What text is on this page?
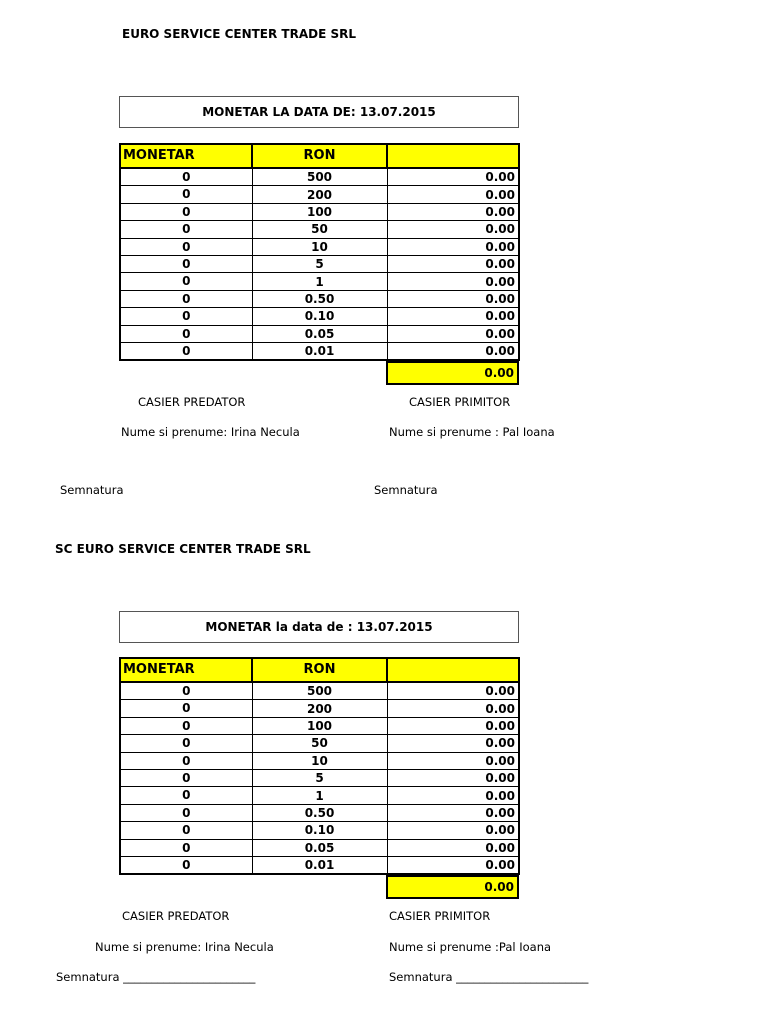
EURO SERVICE CENTER TRADE SRL
MONETAR LA DATA DE: 13.07.2015
MONETAR	RON	
0	500	0.00
0	200	0.00
0	100	0.00
0	50	0.00
0	10	0.00
0	5	0.00
0	1	0.00
0	0.50	0.00
0	0.10	0.00
0	0.05	0.00
0	0.01	0.00
0.00
CASIER PREDATOR	CASIER PRIMITOR
Nume si prenume: Irina Necula	Nume si prenume : Pal Ioana
Semnatura	Semnatura
SC EURO SERVICE CENTER TRADE SRL
MONETAR la data de : 13.07.2015
MONETAR	RON	
0	500	0.00
0	200	0.00
0	100	0.00
0	50	0.00
0	10	0.00
0	5	0.00
0	1	0.00
0	0.50	0.00
0	0.10	0.00
0	0.05	0.00
0	0.01	0.00
0.00
CASIER PREDATOR	CASIER PRIMITOR
Nume si prenume: Irina Necula	Nume si prenume :Pal Ioana
Semnatura _______________________	Semnatura _______________________
